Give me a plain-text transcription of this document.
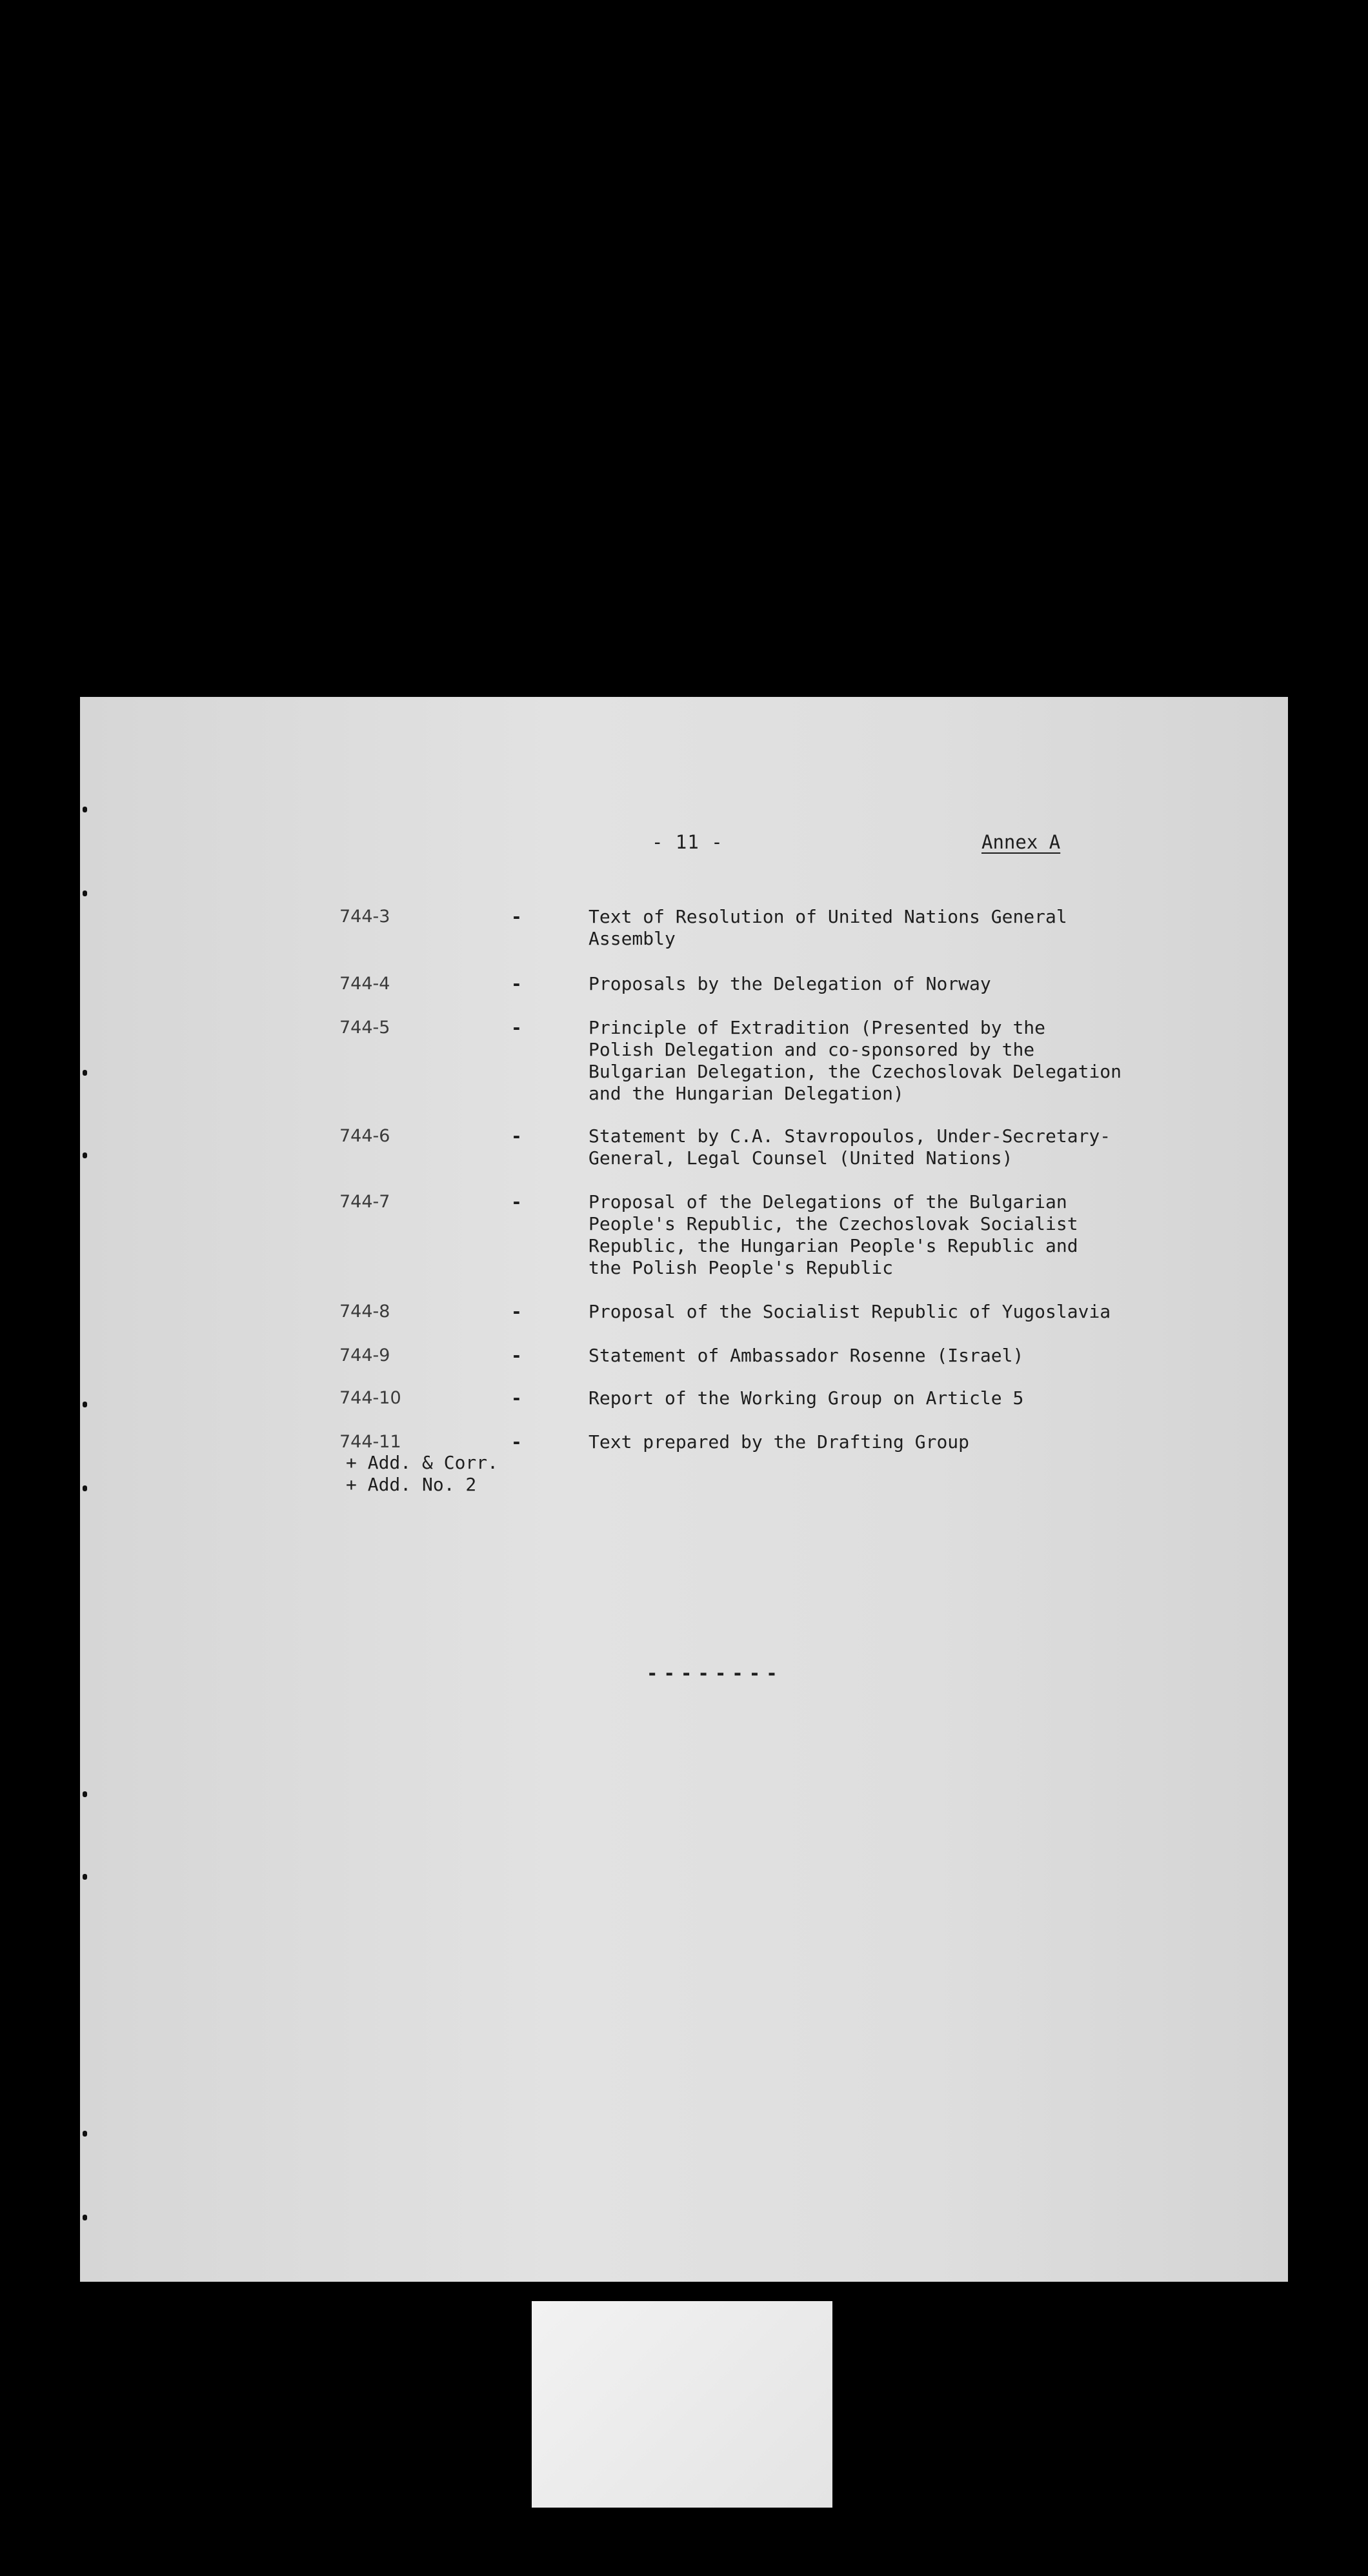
- 11 -	Annex A
744-3	-	Text of Resolution of United Nations General
Assembly
744-4	-	Proposals by the Delegation of Norway
744-5	-	Principle of Extradition (Presented by the
Polish Delegation and co-sponsored by the
Bulgarian Delegation, the Czechoslovak Delegation
and the Hungarian Delegation)
744-6	-	Statement by C.A. Stavropoulos, Under-Secretary-
General, Legal Counsel (United Nations)
744-7	-	Proposal of the Delegations of the Bulgarian
People's Republic, the Czechoslovak Socialist
Republic, the Hungarian People's Republic and
the Polish People's Republic
744-8	-	Proposal of the Socialist Republic of Yugoslavia
744-9	-	Statement of Ambassador Rosenne (Israel)
744-10	-	Report of the Working Group on Article 5
744-11	-	Text prepared by the Drafting Group
+ Add. & Corr.
+ Add. No. 2
--------
